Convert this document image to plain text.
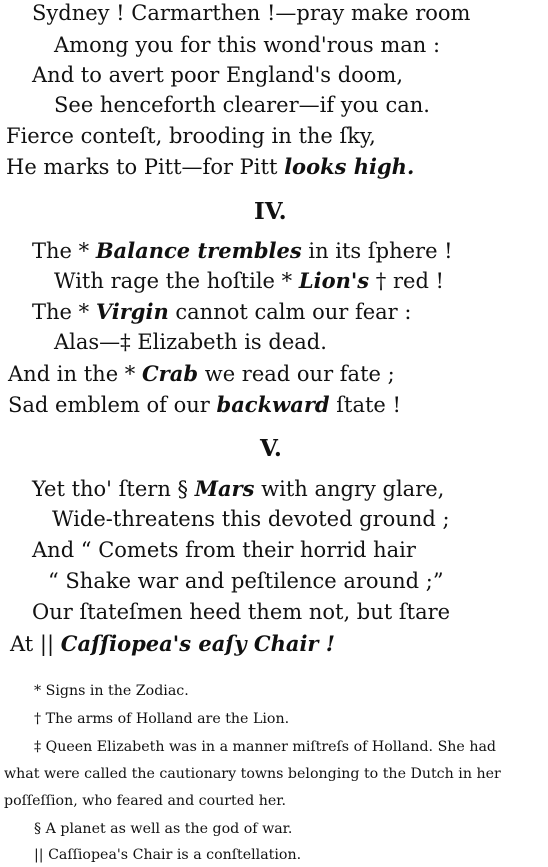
Sydney ! Carmarthen !—pray make room
Among you for this wond'rous man :
And to avert poor England's doom,
See henceforth clearer—if you can.
Fierce conteſt, brooding in the ſky,
He marks to Pitt—for Pitt looks high.
IV.
The * Balance trembles in its ſphere !
With rage the hoſtile * Lion's † red !
The * Virgin cannot calm our fear :
Alas—‡ Elizabeth is dead.
And in the * Crab we read our fate ;
Sad emblem of our backward ſtate !
V.
Yet tho' ſtern § Mars with angry glare,
Wide-threatens this devoted ground ;
And “ Comets from their horrid hair
“ Shake war and peſtilence around ;”
Our ſtateſmen heed them not, but ſtare
At || Caſſiopea's eaſy Chair !
* Signs in the Zodiac.
† The arms of Holland are the Lion.
‡ Queen Elizabeth was in a manner miſtreſs of Holland. She had
what were called the cautionary towns belonging to the Dutch in her
poſſeſſion, who feared and courted her.
§ A planet as well as the god of war.
|| Caſſiopea's Chair is a conſtellation.
